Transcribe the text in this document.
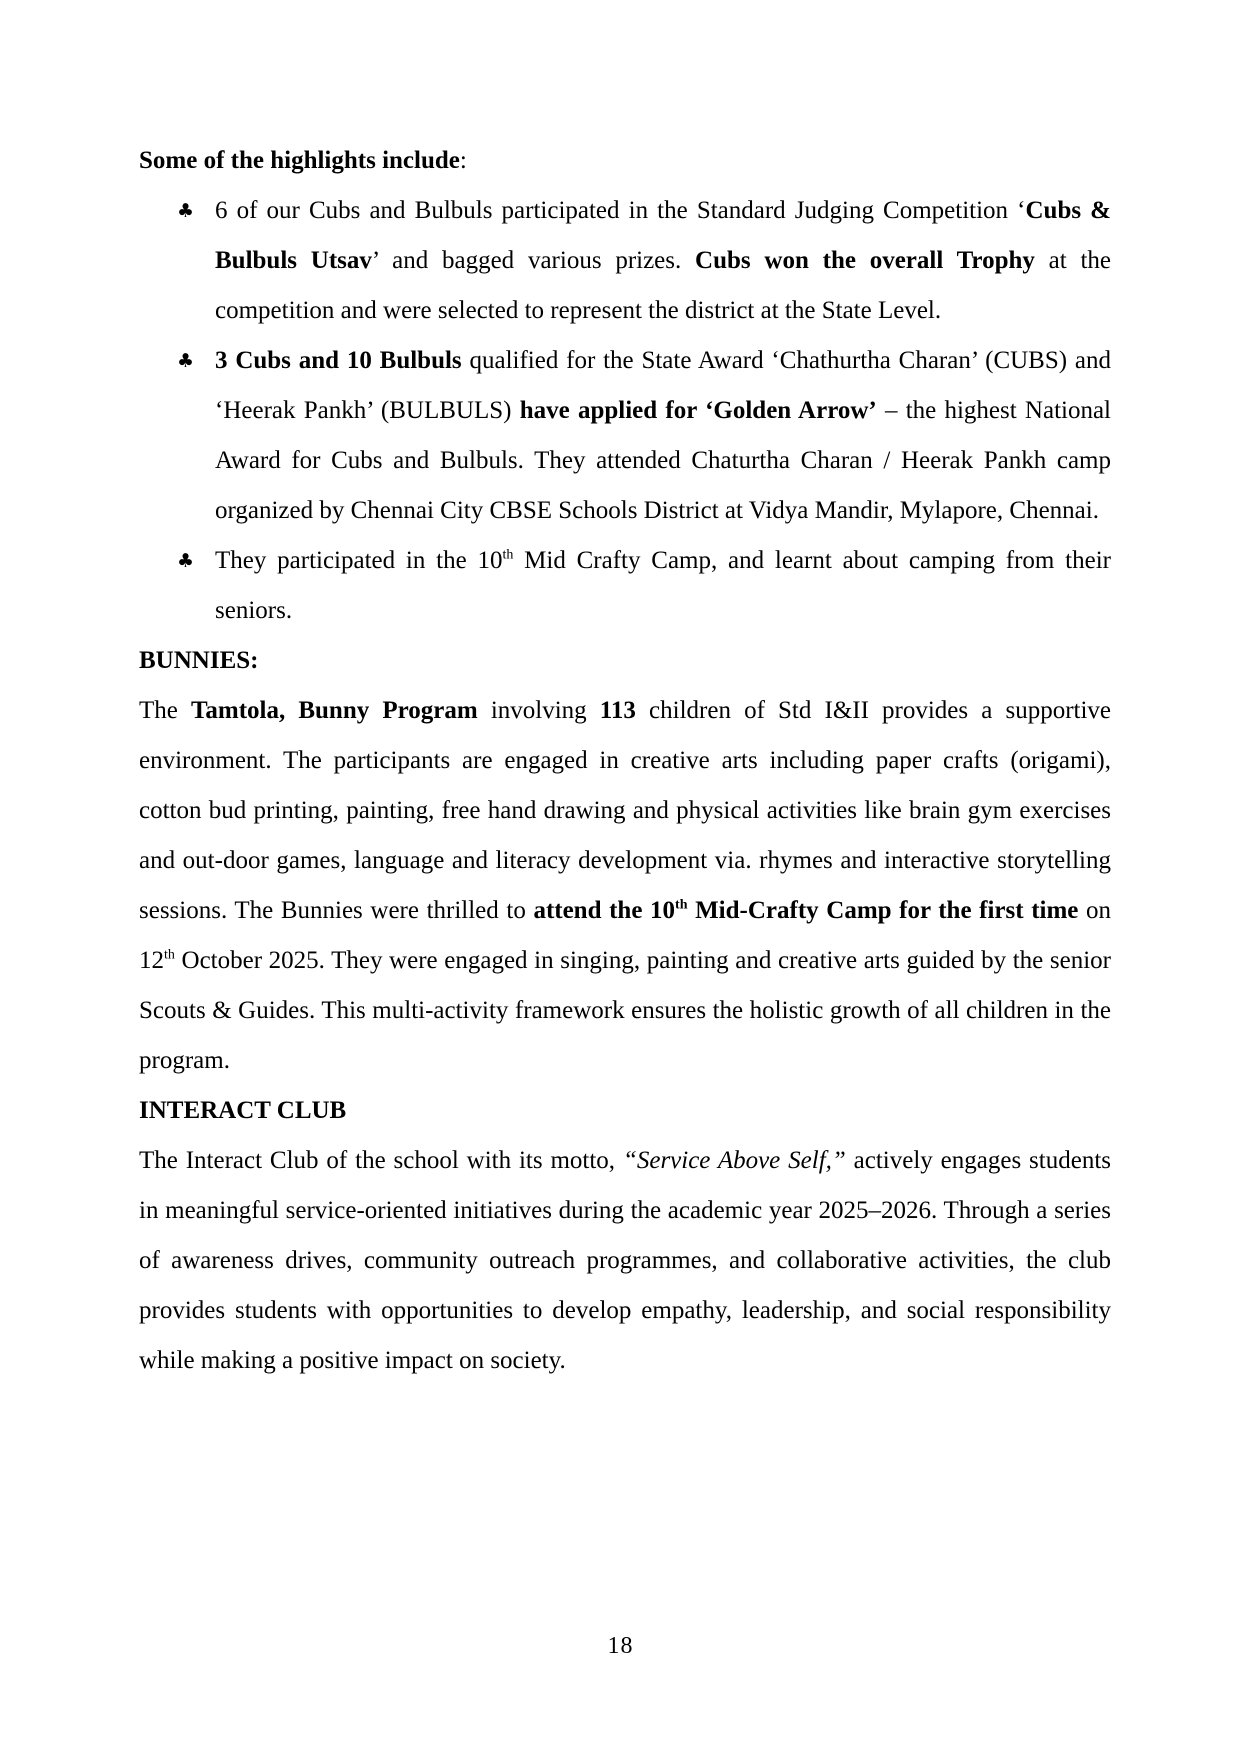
Some of the highlights include:

♣ 6 of our Cubs and Bulbuls participated in the Standard Judging Competition ‘Cubs & Bulbuls Utsav’ and bagged various prizes. Cubs won the overall Trophy at the competition and were selected to represent the district at the State Level.
♣ 3 Cubs and 10 Bulbuls qualified for the State Award ‘Chathurtha Charan’ (CUBS) and ‘Heerak Pankh’ (BULBULS) have applied for ‘Golden Arrow’ – the highest National Award for Cubs and Bulbuls. They attended Chaturtha Charan / Heerak Pankh camp organized by Chennai City CBSE Schools District at Vidya Mandir, Mylapore, Chennai.
♣ They participated in the 10th Mid Crafty Camp, and learnt about camping from their seniors.

BUNNIES:

The Tamtola, Bunny Program involving 113 children of Std I&II provides a supportive environment. The participants are engaged in creative arts including paper crafts (origami), cotton bud printing, painting, free hand drawing and physical activities like brain gym exercises and out-door games, language and literacy development via. rhymes and interactive storytelling sessions. The Bunnies were thrilled to attend the 10th Mid-Crafty Camp for the first time on 12th October 2025. They were engaged in singing, painting and creative arts guided by the senior Scouts & Guides. This multi-activity framework ensures the holistic growth of all children in the program.

INTERACT CLUB

The Interact Club of the school with its motto, “Service Above Self,” actively engages students in meaningful service-oriented initiatives during the academic year 2025–2026. Through a series of awareness drives, community outreach programmes, and collaborative activities, the club provides students with opportunities to develop empathy, leadership, and social responsibility while making a positive impact on society.

18
